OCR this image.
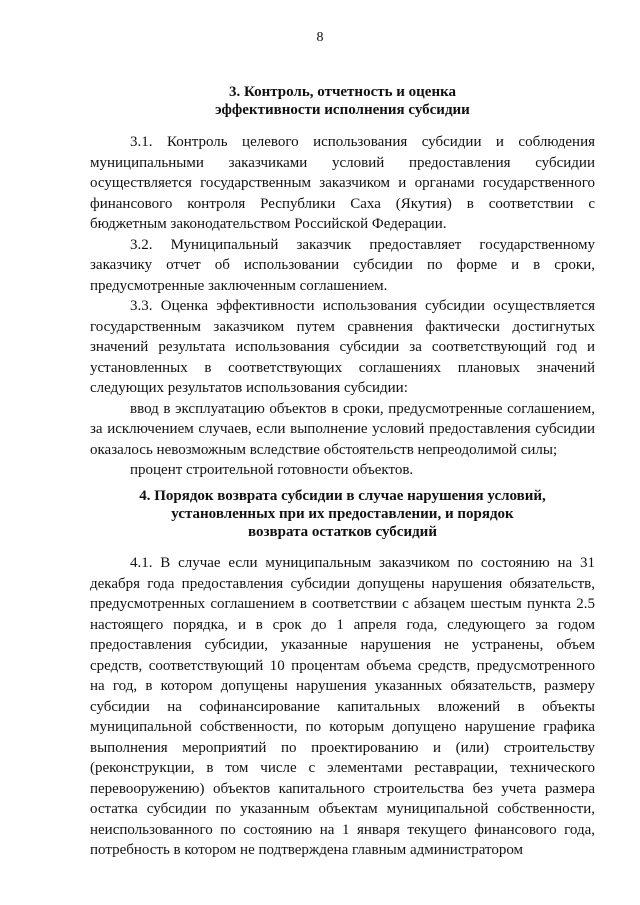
8
3. Контроль, отчетность и оценка
эффективности исполнения субсидии

3.1. Контроль целевого использования субсидии и соблюдения муниципальными заказчиками условий предоставления субсидии осуществляется государственным заказчиком и органами государственного финансового контроля Республики Саха (Якутия) в соответствии с бюджетным законодательством Российской Федерации.

3.2. Муниципальный заказчик предоставляет государственному заказчику отчет об использовании субсидии по форме и в сроки, предусмотренные заключенным соглашением.

3.3. Оценка эффективности использования субсидии осуществляется государственным заказчиком путем сравнения фактически достигнутых значений результата использования субсидии за соответствующий год и установленных в соответствующих соглашениях плановых значений следующих результатов использования субсидии:

ввод в эксплуатацию объектов в сроки, предусмотренные соглашением, за исключением случаев, если выполнение условий предоставления субсидии оказалось невозможным вследствие обстоятельств непреодолимой силы;

процент строительной готовности объектов.

4. Порядок возврата субсидии в случае нарушения условий,
установленных при их предоставлении, и порядок
возврата остатков субсидий

4.1. В случае если муниципальным заказчиком по состоянию на 31 декабря года предоставления субсидии допущены нарушения обязательств, предусмотренных соглашением в соответствии с абзацем шестым пункта 2.5 настоящего порядка, и в срок до 1 апреля года, следующего за годом предоставления субсидии, указанные нарушения не устранены, объем средств, соответствующий 10 процентам объема средств, предусмотренного на год, в котором допущены нарушения указанных обязательств, размеру субсидии на софинансирование капитальных вложений в объекты муниципальной собственности, по которым допущено нарушение графика выполнения мероприятий по проектированию и (или) строительству (реконструкции, в том числе с элементами реставрации, технического перевооружению) объектов капитального строительства без учета размера остатка субсидии по указанным объектам муниципальной собственности, неиспользованного по состоянию на 1 января текущего финансового года, потребность в котором не подтверждена главным администратором
